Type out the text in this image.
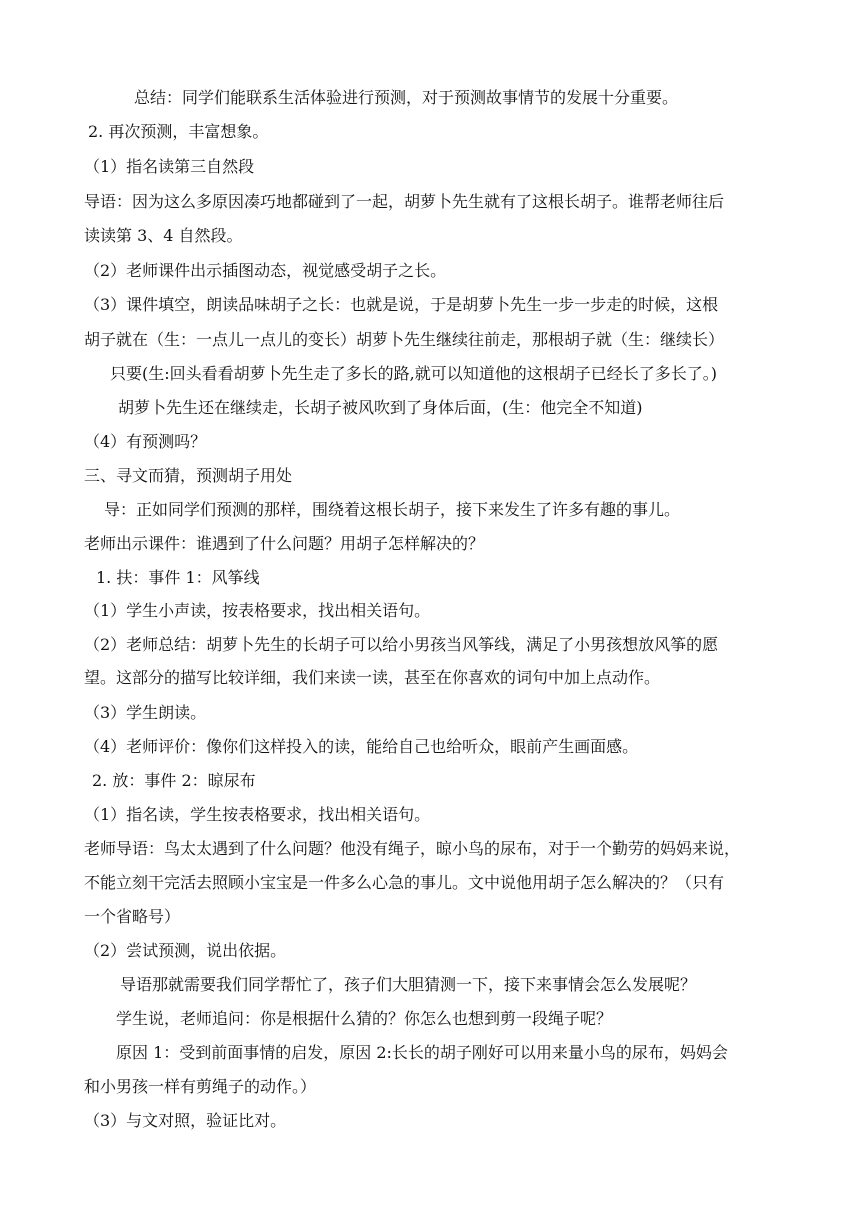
总结：同学们能联系生活体验进行预测，对于预测故事情节的发展十分重要。
2. 再次预测，丰富想象。
（1）指名读第三自然段
导语：因为这么多原因凑巧地都碰到了一起，胡萝卜先生就有了这根长胡子。谁帮老师往后
读读第 3、4 自然段。
（2）老师课件出示插图动态，视觉感受胡子之长。
（3）课件填空，朗读品味胡子之长：也就是说，于是胡萝卜先生一步一步走的时候，这根
胡子就在（生：一点儿一点儿的变长）胡萝卜先生继续往前走，那根胡子就（生：继续长）
只要(生:回头看看胡萝卜先生走了多长的路,就可以知道他的这根胡子已经长了多长了。)
胡萝卜先生还在继续走，长胡子被风吹到了身体后面，(生：他完全不知道)
（4）有预测吗？
三、寻文而猜，预测胡子用处
导：正如同学们预测的那样，围绕着这根长胡子，接下来发生了许多有趣的事儿。
老师出示课件：谁遇到了什么问题？用胡子怎样解决的？
1. 扶：事件 1：风筝线
（1）学生小声读，按表格要求，找出相关语句。
（2）老师总结：胡萝卜先生的长胡子可以给小男孩当风筝线，满足了小男孩想放风筝的愿
望。这部分的描写比较详细，我们来读一读，甚至在你喜欢的词句中加上点动作。
（3）学生朗读。
（4）老师评价：像你们这样投入的读，能给自己也给听众，眼前产生画面感。
2. 放：事件 2：晾尿布
（1）指名读，学生按表格要求，找出相关语句。
老师导语：鸟太太遇到了什么问题？他没有绳子，晾小鸟的尿布，对于一个勤劳的妈妈来说，
不能立刻干完活去照顾小宝宝是一件多么心急的事儿。文中说他用胡子怎么解决的？（只有
一个省略号）
（2）尝试预测，说出依据。
导语那就需要我们同学帮忙了，孩子们大胆猜测一下，接下来事情会怎么发展呢？
学生说，老师追问：你是根据什么猜的？你怎么也想到剪一段绳子呢？
原因 1：受到前面事情的启发，原因 2:长长的胡子刚好可以用来量小鸟的尿布，妈妈会
和小男孩一样有剪绳子的动作。）
（3）与文对照，验证比对。
